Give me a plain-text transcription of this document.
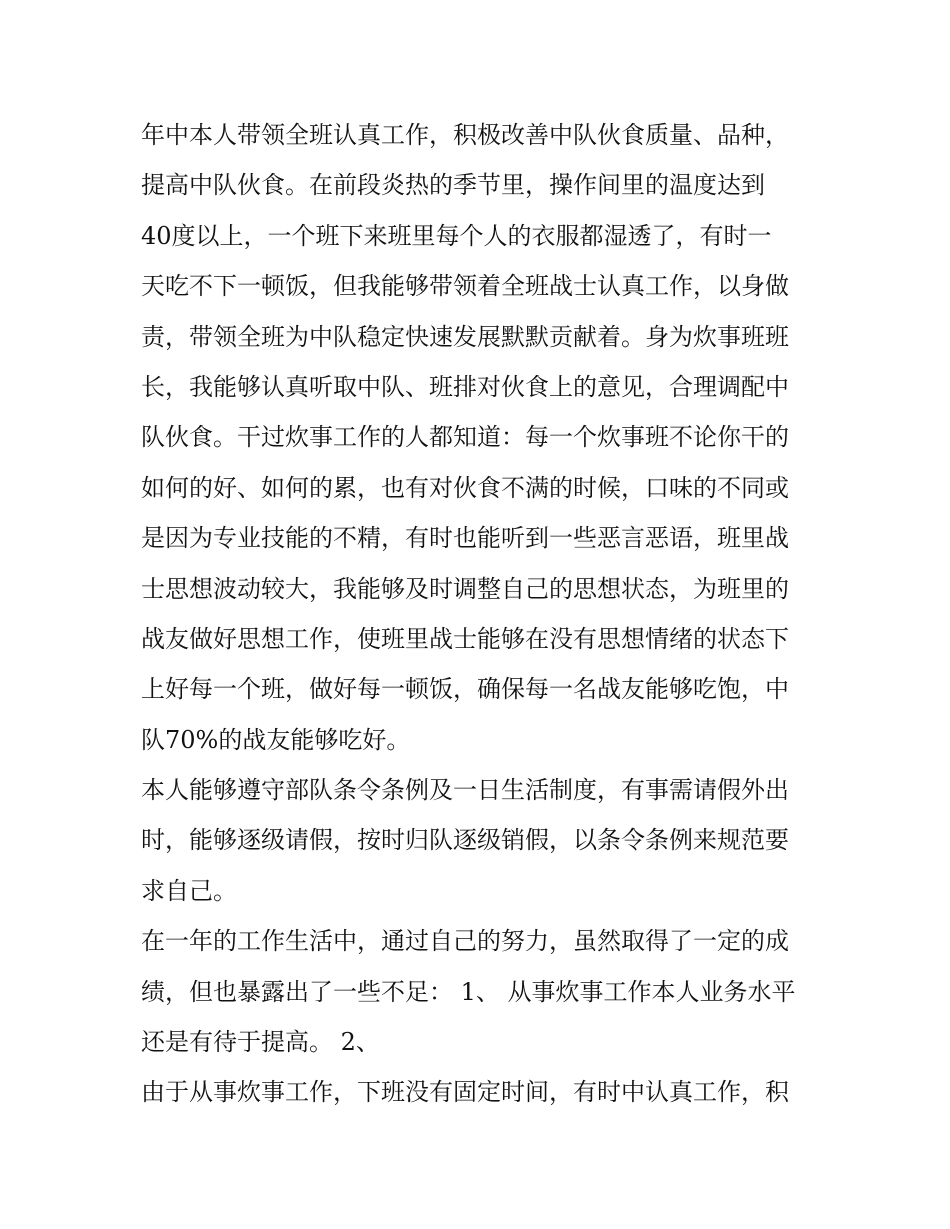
年中本人带领全班认真工作，积极改善中队伙食质量、品种，
提高中队伙食。在前段炎热的季节里，操作间里的温度达到
40度以上，一个班下来班里每个人的衣服都湿透了，有时一
天吃不下一顿饭，但我能够带领着全班战士认真工作，以身做
责，带领全班为中队稳定快速发展默默贡献着。身为炊事班班
长，我能够认真听取中队、班排对伙食上的意见，合理调配中
队伙食。干过炊事工作的人都知道：每一个炊事班不论你干的
如何的好、如何的累，也有对伙食不满的时候，口味的不同或
是因为专业技能的不精，有时也能听到一些恶言恶语，班里战
士思想波动较大，我能够及时调整自己的思想状态，为班里的
战友做好思想工作，使班里战士能够在没有思想情绪的状态下
上好每一个班，做好每一顿饭，确保每一名战友能够吃饱，中
队70%的战友能够吃好。
本人能够遵守部队条令条例及一日生活制度，有事需请假外出
时，能够逐级请假，按时归队逐级销假，以条令条例来规范要
求自己。
在一年的工作生活中，通过自己的努力，虽然取得了一定的成
绩，但也暴露出了一些不足： 1、 从事炊事工作本人业务水平
还是有待于提高。 2、
由于从事炊事工作，下班没有固定时间，有时中认真工作，积
